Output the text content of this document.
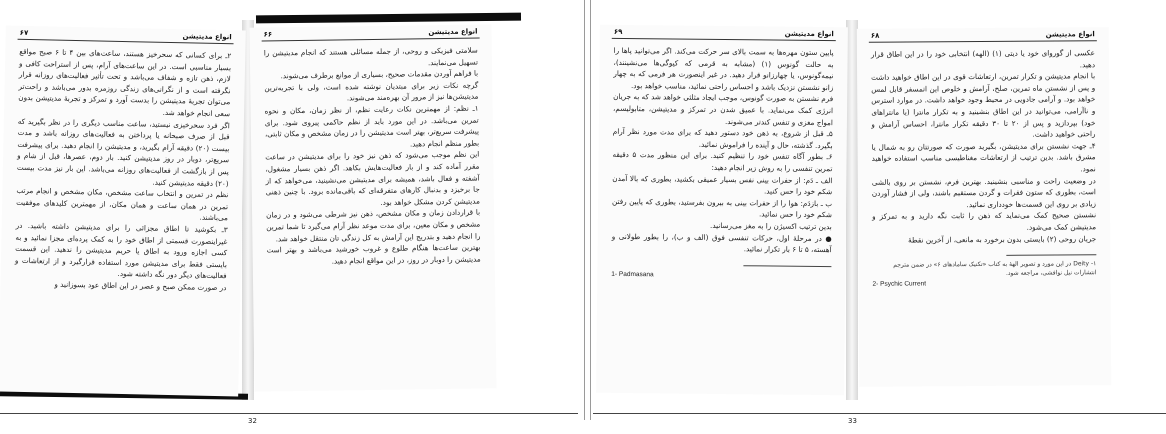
انواع مدیتیشن
۶۷

۲ـ برای کسانی که سحرخیز هستند، ساعت‌های بین ۴ تا ۶ صبح مواقع بسیار مناسبی است. در این ساعت‌های آرام، پس از استراحت کافی و لازم، ذهن تازه و شفاف می‌باشد و تحت تأثیر فعالیت‌های روزانه قرار نگرفته است و از نگرانی‌های زندگی روزمره بدور می‌باشد و راحت‌تر می‌توان تجربهٔ مدیتیشن را بدست آورد و تمرکز و تجربهٔ مدیتیشن بدون سعی انجام خواهد شد.

اگر فرد سحرخیزی نیستید، ساعت مناسب دیگری را در نظر بگیرید که قبل از صرف صبحانه یا پرداختن به فعالیت‌های روزانه باشد و مدت بیست (۲۰) دقیقه آرام بگیرید، و مدیتیشن را انجام دهید. برای پیشرفت سریع‌تر، دوبار در روز مدیتیشن کنید. بار دوم، عصرها، قبل از شام و پس از بازگشت از فعالیت‌های روزانه می‌باشد. این بار نیز مدت بیست (۲۰) دقیقه مدیتیشن کنید.

نظم در تمرین و انتخاب ساعت مشخص، مکان مشخص و انجام مرتب تمرین در همان ساعت و همان مکان، از مهمترین کلیدهای موفقیت می‌باشند.

۳ـ بکوشید تا اطاق مجزائی را برای مدیتیشن داشته باشید. در غیراینصورت قسمتی از اطاق خود را به کمک پرده‌ای مجزا نمائید و به کسی اجازه ورود به اطاق یا حریم مدیتیشن را ندهید. این قسمت بایستی فقط برای مدیتیشن مورد استفاده قرارگیرد و از ارتعاشات و فعالیت‌های دیگر دور نگه داشته شود.

در صورت ممکن صبح و عصر در این اطاق عود بسوزانید و

انواع مدیتیشن
۶۶

سلامتی فیزیکی و روحی، از جمله مسائلی هستند که انجام مدیتیشن را تسهیل می‌نمایند.

با فراهم آوردن مقدمات صحیح، بسیاری از موانع برطرف می‌شوند.

گرچه نکات زیر برای مبتدیان نوشته شده است، ولی با تجربه‌ترین مدیتیشن‌ها نیز از مرور آن بهره‌مند می‌شوند.

۱ـ نظم: از مهمترین نکات رعایت نظم، از نظر زمان، مکان و نحوه تمرین می‌باشد. در این مورد باید از نظم حاکمی پیروی شود. برای پیشرفت سریع‌تر، بهتر است مدیتیشن را در زمان مشخص و مکان ثابتی، بطور منظم انجام دهید.

این نظم موجب می‌شود که ذهن نیز خود را برای مدیتیشن در ساعت مقرر آماده کند و از بار فعالیت‌هایش بکاهد. اگر ذهن بسیار مشغول، آشفته و فعال باشد، همیشه برای مدیتیشن می‌نشینید، می‌خواهد که از جا برخیزد و بدنبال کارهای متفرقه‌ای که باقی‌مانده برود. با چنین ذهنی مدیتیشن کردن مشکل خواهد بود.

با قراردادن زمان و مکان مشخص، ذهن نیز شرطی می‌شود و در زمان مشخص و مکان معین، برای مدت موعد نظر آرام می‌گیرد تا شما تمرین را انجام دهید و بتدریج این آرامش به کل زندگی تان منتقل خواهد شد.

بهترین ساعت‌ها هنگام طلوع و غروب خورشید می‌باشد و بهتر است مدیتیشن را دوبار در روز، در این مواقع انجام دهید.

32
انواع مدیتیشن
۶۹

پایین ستون مهره‌ها به سمت بالای سر حرکت می‌کند. اگر می‌توانید پاها را به حالت گونوس (۱) (مشابه به قرمی که کیوگی‌ها می‌نشینند)، نیمه‌گونوس، یا چهارزانو قرار دهید. در غیر اینصورت هر فرمی که به چهار زانو نشستن نزدیک باشد و احساس راحتی نمائید، مناسب خواهد بود.

فرم نشستن به صورت گونوس، موجب ایجاد مثلثی خواهد شد که به جریان انرژی کمک می‌نماید. با عمیق شدن در تمرکز و مدیتیشن، متابولیسم، امواج مغزی و تنفس کندتر می‌شوند.

۵ـ قبل از شروع، به ذهن خود دستور دهید که برای مدت مورد نظر آرام بگیرد. گذشته، حال و آینده را فراموش نمائید.

۶ـ بطور آگاه تنفس خود را تنظیم کنید. برای این منظور مدت ۵ دقیقه تمرین تنفسی را به روش زیر انجام دهید:

الف ـ دَم: از حفرات بینی نفس بسیار عمیقی بکشید، بطوری که بالا آمدن شکم خود را حس کنید.

ب ـ بازدَم: هوا را از حفرات بینی به بیرون بفرستید، بطوری که پایین رفتن شکم خود را حس نمائید.

بدین ترتیب اکسیژن را به مغز می‌رسانید.

● در مرحلهٔ اول، حرکات تنفسی فوق (الف و ب)، را بطور طولانی و آهسته، ۵ تا ۶ بار تکرار نمائید.

1- Padmasana

انواع مدیتیشن
۶۸

عکسی از گورو‌ای خود یا دیتی (۱) (الهه) انتخابی خود را در این اطاق قرار دهید.

با انجام مدیتیشن و تکرار تمرین، ارتعاشات قوی در این اطاق خواهید داشت و پس از نشستن ماه تمرین، صلح، آرامش و خلوص این اتمسفر قابل لمس خواهد بود. و آرامی جادویی در محیط وجود خواهد داشت. در موارد استرس و ناآرامی، می‌توانید در این اطاق بنشینید و به تکرار مانترا (یا مانتراهای خود) بپردازید و پس از ۲۰ تا ۳۰ دقیقه تکرار مانترا، احساس آرامش و راحتی خواهید داشت.

۴ـ جهت نشستن برای مدیتیشن، بگیرید صورت که صورتتان رو به شمال یا مشرق باشد. بدین ترتیب از ارتعاشات مغناطیسی مناسب استفاده خواهید نمود.

در وضعیت راحت و مناسبی بنشینید. بهترین فرم، نشستن بر روی بالشی است، بطوری که ستون فقرات و گردن مستقیم باشند، ولی از فشار آوردن زیادی بر روی این قسمت‌ها خودداری نمائید.

نشستن صحیح کمک می‌نماید که ذهن را ثابت نگه دارید و به تمرکز و مدیتیشن کمک می‌شود.

جریان روحی (۲) بایستی بدون برخورد به مانعی، از آخرین نقطهٔ

۱- Deity در این مورد و تصویر الههٔ به کتاب «تکنیک سامادهای ۶» در ضمن مترجم

انتشارات نیل نوافشی، مراجعه شود.

2- Psychic Current

33
